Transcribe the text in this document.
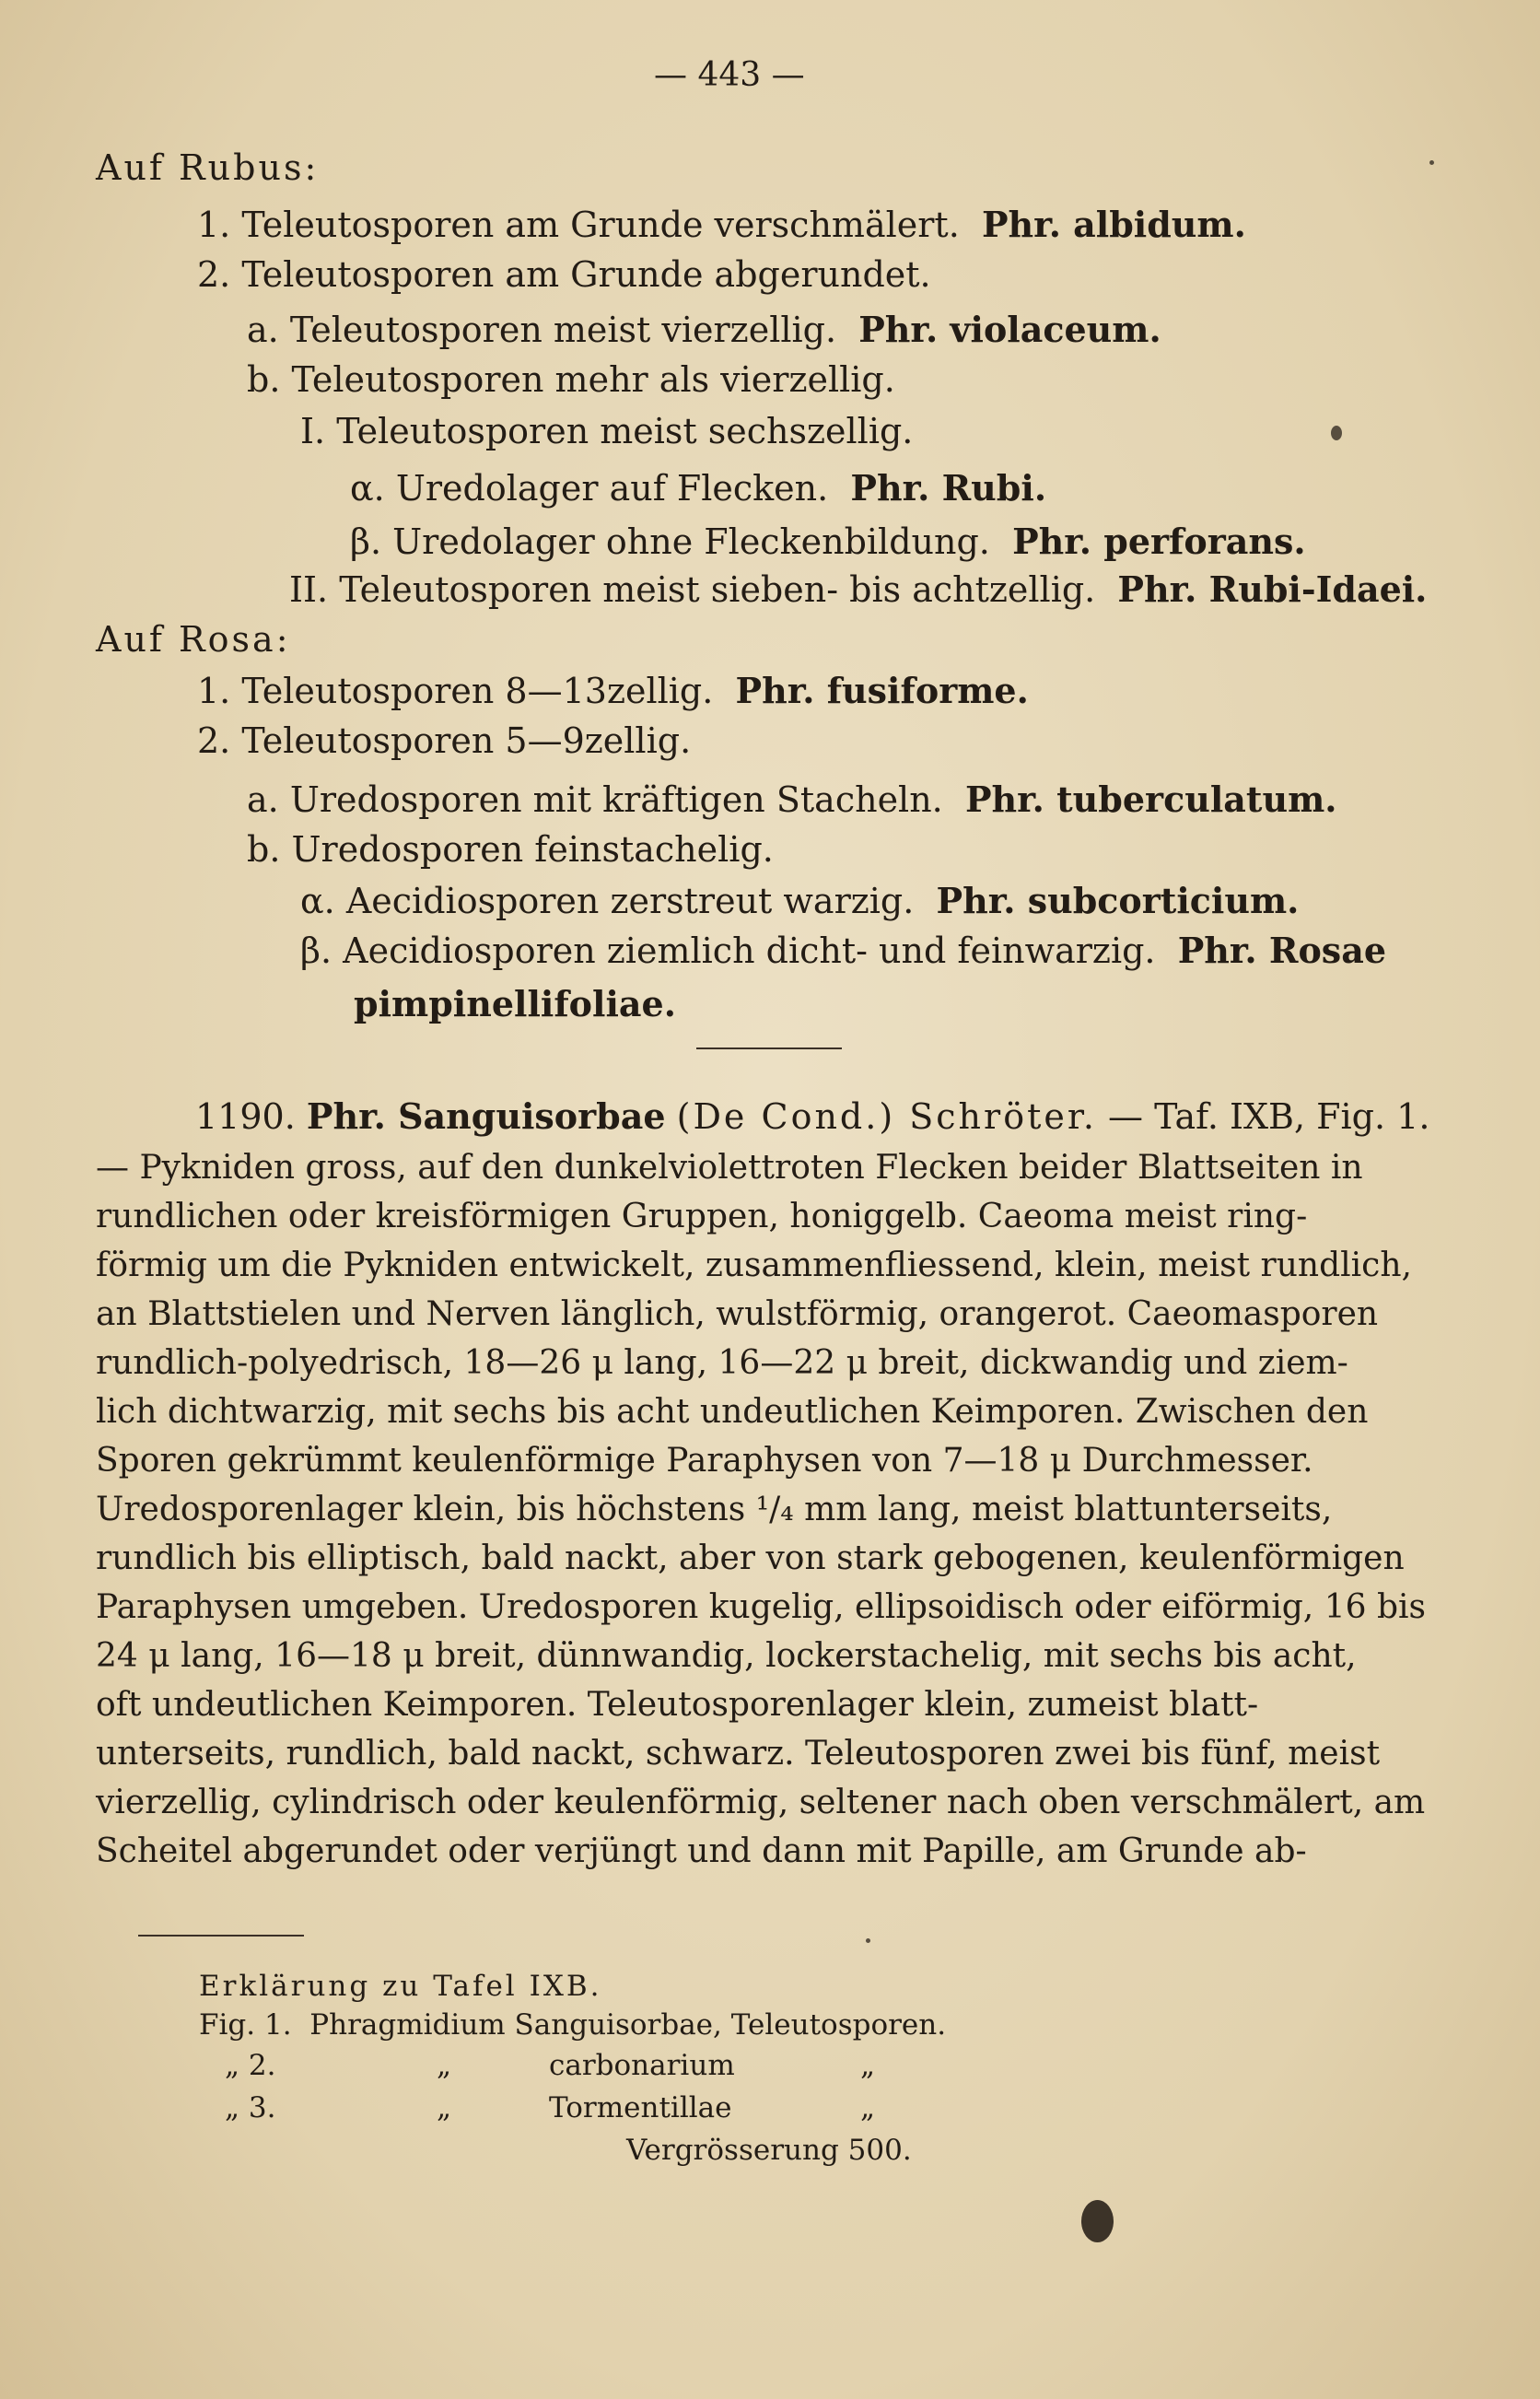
— 443 —
Auf Rubus:
1. Teleutosporen am Grunde verschmälert. Phr. albidum.
2. Teleutosporen am Grunde abgerundet.
a. Teleutosporen meist vierzellig. Phr. violaceum.
b. Teleutosporen mehr als vierzellig.
I. Teleutosporen meist sechszellig.
α. Uredolager auf Flecken. Phr. Rubi.
β. Uredolager ohne Fleckenbildung. Phr. perforans.
II. Teleutosporen meist sieben- bis achtzellig. Phr. Rubi-Idaei.
Auf Rosa:
1. Teleutosporen 8—13zellig. Phr. fusiforme.
2. Teleutosporen 5—9zellig.
a. Uredosporen mit kräftigen Stacheln. Phr. tuberculatum.
b. Uredosporen feinstachelig.
α. Aecidiosporen zerstreut warzig. Phr. subcorticium.
β. Aecidiosporen ziemlich dicht- und feinwarzig. Phr. Rosae
pimpinellifoliae.
1190. Phr. Sanguisorbae (De Cond.) Schröter. — Taf. IXB, Fig. 1.
— Pykniden gross, auf den dunkelviolettroten Flecken beider Blattseiten in
rundlichen oder kreisförmigen Gruppen, honiggelb. Caeoma meist ring-
förmig um die Pykniden entwickelt, zusammenfliessend, klein, meist rundlich,
an Blattstielen und Nerven länglich, wulstförmig, orangerot. Caeomasporen
rundlich-polyedrisch, 18—26 μ lang, 16—22 μ breit, dickwandig und ziem-
lich dichtwarzig, mit sechs bis acht undeutlichen Keimporen. Zwischen den
Sporen gekrümmt keulenförmige Paraphysen von 7—18 μ Durchmesser.
Uredosporenlager klein, bis höchstens ¹/₄ mm lang, meist blattunterseits,
rundlich bis elliptisch, bald nackt, aber von stark gebogenen, keulenförmigen
Paraphysen umgeben. Uredosporen kugelig, ellipsoidisch oder eiförmig, 16 bis
24 μ lang, 16—18 μ breit, dünnwandig, lockerstachelig, mit sechs bis acht,
oft undeutlichen Keimporen. Teleutosporenlager klein, zumeist blatt-
unterseits, rundlich, bald nackt, schwarz. Teleutosporen zwei bis fünf, meist
vierzellig, cylindrisch oder keulenförmig, seltener nach oben verschmälert, am
Scheitel abgerundet oder verjüngt und dann mit Papille, am Grunde ab-
Erklärung zu Tafel IXB.
Fig. 1. Phragmidium Sanguisorbae, Teleutosporen.
„ 2.	„	carbonarium	„
„ 3.	„	Tormentillae	„
Vergrösserung 500.
